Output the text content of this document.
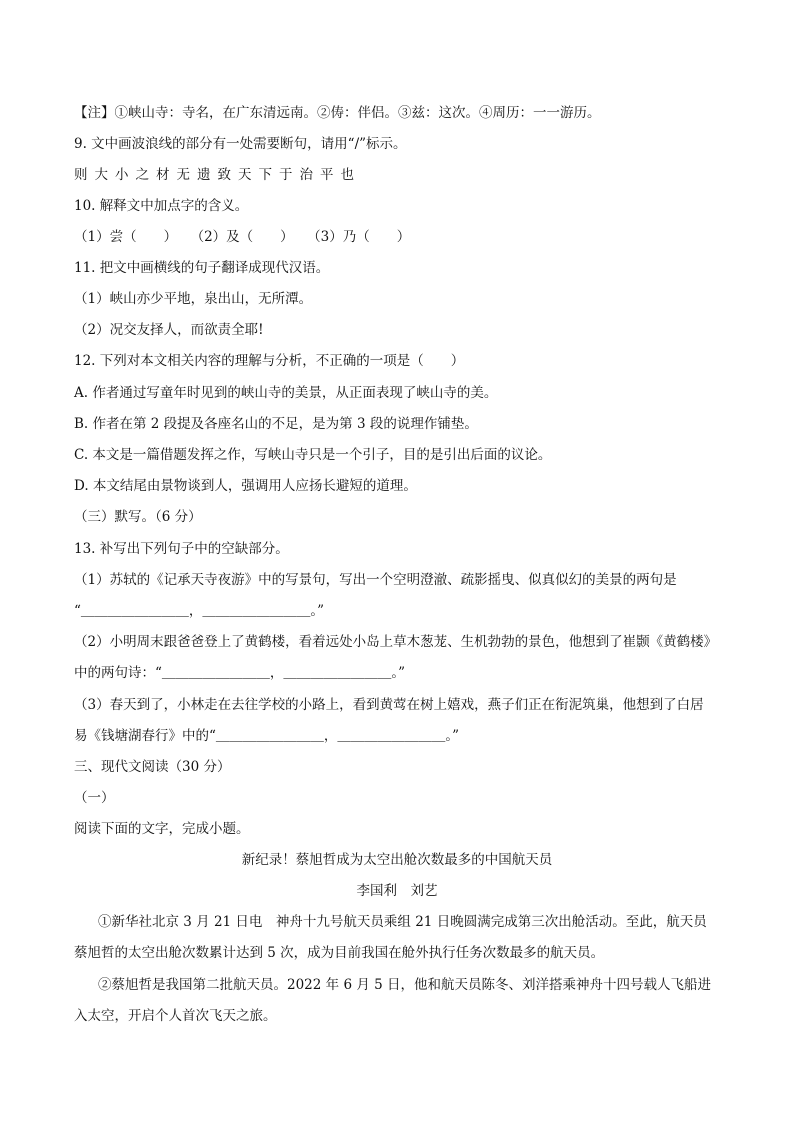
【注】①峡山寺：寺名，在广东清远南。②俦：伴侣。③兹：这次。④周历：一一游历。
9. 文中画波浪线的部分有一处需要断句，请用“/”标示。
则大小之材无遗致天下于治平也
10. 解释文中加点字的含义。
（1）尝（　　）　　（2）及（　　）　　（3）乃（　　）
11. 把文中画横线的句子翻译成现代汉语。
（1）峡山亦少平地，泉出山，无所潭。
（2）况交友择人，而欲责全耶!
12. 下列对本文相关内容的理解与分析，不正确的一项是（　　）
A. 作者通过写童年时见到的峡山寺的美景，从正面表现了峡山寺的美。
B. 作者在第 2 段提及各座名山的不足，是为第 3 段的说理作铺垫。
C. 本文是一篇借题发挥之作，写峡山寺只是一个引子，目的是引出后面的议论。
D. 本文结尾由景物谈到人，强调用人应扬长避短的道理。
（三）默写。（6 分）
13. 补写出下列句子中的空缺部分。
（1）苏轼的《记承天寺夜游》中的写景句，写出一个空明澄澈、疏影摇曳、似真似幻的美景的两句是
“＿＿＿＿＿＿＿＿，＿＿＿＿＿＿＿＿。”
（2）小明周末跟爸爸登上了黄鹤楼，看着远处小岛上草木葱茏、生机勃勃的景色，他想到了崔颢《黄鹤楼》
中的两句诗：“＿＿＿＿＿＿＿＿，＿＿＿＿＿＿＿＿。”
（3）春天到了，小林走在去往学校的小路上，看到黄莺在树上嬉戏，燕子们正在衔泥筑巢，他想到了白居
易《钱塘湖春行》中的“＿＿＿＿＿＿＿＿，＿＿＿＿＿＿＿＿。”
三、现代文阅读（30 分）
（一）
阅读下面的文字，完成小题。
新纪录！蔡旭哲成为太空出舱次数最多的中国航天员
李国利　刘艺
①新华社北京 3 月 21 日电　神舟十九号航天员乘组 21 日晚圆满完成第三次出舱活动。至此，航天员
蔡旭哲的太空出舱次数累计达到 5 次，成为目前我国在舱外执行任务次数最多的航天员。
②蔡旭哲是我国第二批航天员。2022 年 6 月 5 日，他和航天员陈冬、刘洋搭乘神舟十四号载人飞船进
入太空，开启个人首次飞天之旅。
